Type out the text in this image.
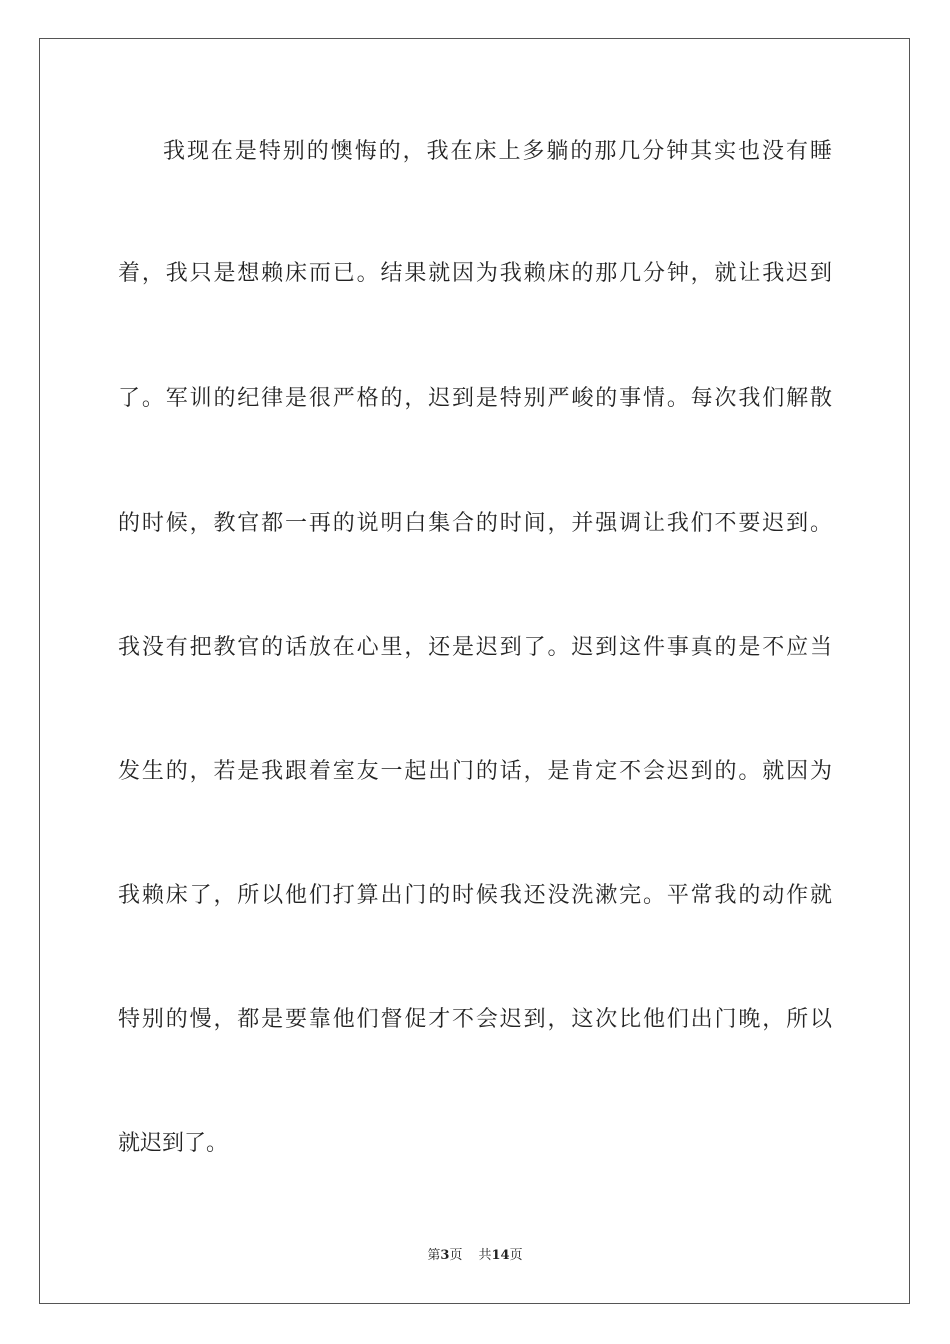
我现在是特别的懊悔的，我在床上多躺的那几分钟其实也没有睡
着，我只是想赖床而已。结果就因为我赖床的那几分钟，就让我迟到
了。军训的纪律是很严格的，迟到是特别严峻的事情。每次我们解散
的时候，教官都一再的说明白集合的时间，并强调让我们不要迟到。
我没有把教官的话放在心里，还是迟到了。迟到这件事真的是不应当
发生的，若是我跟着室友一起出门的话，是肯定不会迟到的。就因为
我赖床了，所以他们打算出门的时候我还没洗漱完。平常我的动作就
特别的慢，都是要靠他们督促才不会迟到，这次比他们出门晚，所以
就迟到了。
第3页 共14页
